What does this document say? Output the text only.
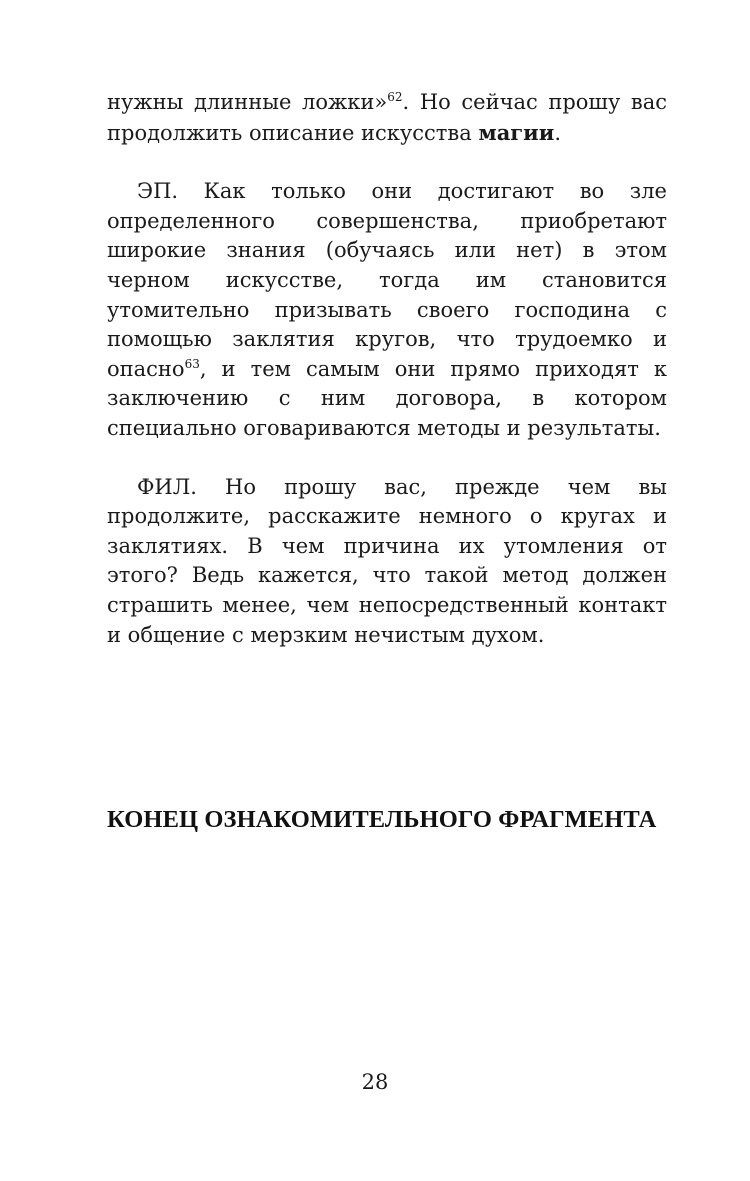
нужны длинные ложки»$^{62}$. Но сейчас прошу вас продолжить описание искусства магии.

ЭП. Как только они достигают во зле определенного совершенства, приобретают широкие знания (обучаясь или нет) в этом черном искусстве, тогда им становится утомительно призывать своего господина с помощью заклятия кругов, что трудоемко и опасно$^{63}$, и тем самым они прямо приходят к заключению с ним договора, в котором специально оговариваются методы и результаты.

ФИЛ. Но прошу вас, прежде чем вы продолжите, расскажите немного о кругах и заклятиях. В чем причина их утомления от этого? Ведь кажется, что такой метод должен страшить менее, чем непосредственный контакт и общение с мерзким нечистым духом.

КОНЕЦ ОЗНАКОМИТЕЛЬНОГО ФРАГМЕНТА
28
